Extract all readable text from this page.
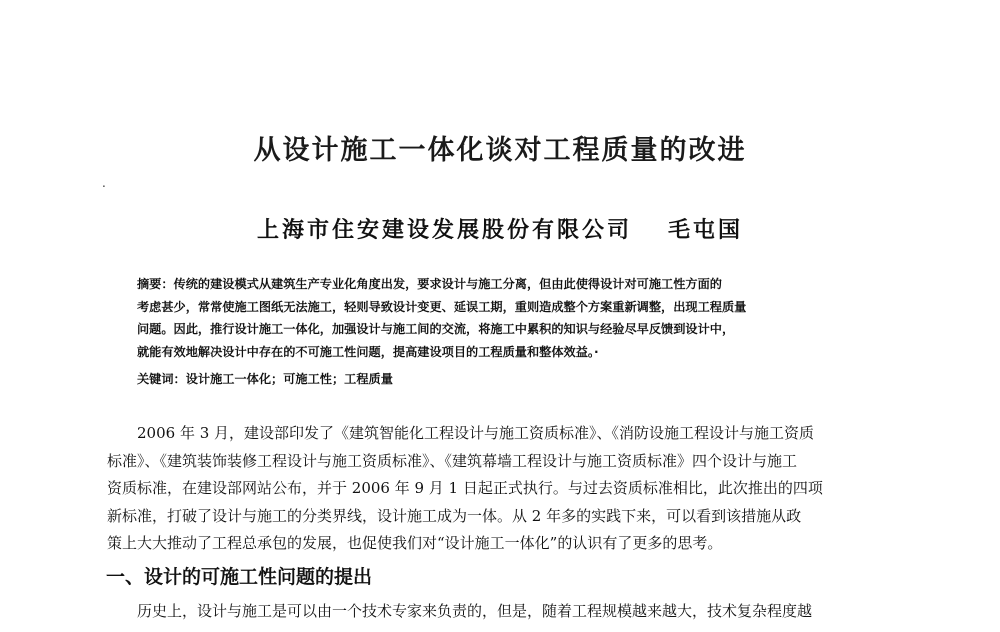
从设计施工一体化谈对工程质量的改进
.
上海市住安建设发展股份有限公司 毛屯国
摘要：传统的建设模式从建筑生产专业化角度出发，要求设计与施工分离，但由此使得设计对可施工性方面的
考虑甚少，常常使施工图纸无法施工，轻则导致设计变更、延误工期，重则造成整个方案重新调整，出现工程质量
问题。因此，推行设计施工一体化，加强设计与施工间的交流，将施工中累积的知识与经验尽早反馈到设计中，
就能有效地解决设计中存在的不可施工性问题，提高建设项目的工程质量和整体效益。·
关键词：设计施工一体化；可施工性；工程质量
　　2006 年 3 月，建设部印发了《建筑智能化工程设计与施工资质标准》、《消防设施工程设计与施工资质
标准》、《建筑装饰装修工程设计与施工资质标准》、《建筑幕墙工程设计与施工资质标准》四个设计与施工
资质标准，在建设部网站公布，并于 2006 年 9 月 1 日起正式执行。与过去资质标准相比，此次推出的四项
新标准，打破了设计与施工的分类界线，设计施工成为一体。从 2 年多的实践下来，可以看到该措施从政
策上大大推动了工程总承包的发展，也促使我们对“设计施工一体化”的认识有了更多的思考。
一、设计的可施工性问题的提出
　　历史上，设计与施工是可以由一个技术专家来负责的，但是，随着工程规模越来越大，技术复杂程度越
